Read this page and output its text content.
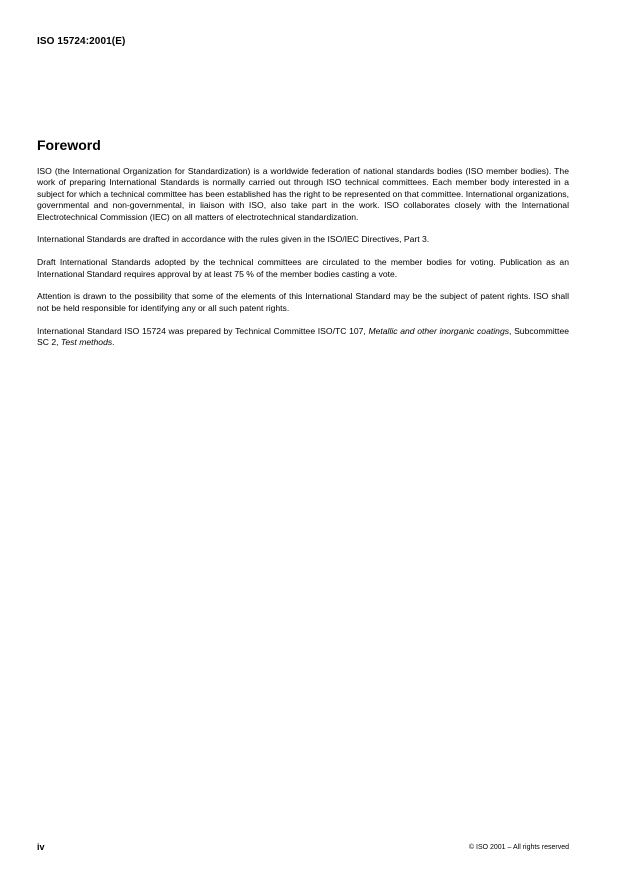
ISO 15724:2001(E)
Foreword

ISO (the International Organization for Standardization) is a worldwide federation of national standards bodies (ISO member bodies). The work of preparing International Standards is normally carried out through ISO technical committees. Each member body interested in a subject for which a technical committee has been established has the right to be represented on that committee. International organizations, governmental and non-governmental, in liaison with ISO, also take part in the work. ISO collaborates closely with the International Electrotechnical Commission (IEC) on all matters of electrotechnical standardization.

International Standards are drafted in accordance with the rules given in the ISO/IEC Directives, Part 3.

Draft International Standards adopted by the technical committees are circulated to the member bodies for voting. Publication as an International Standard requires approval by at least 75 % of the member bodies casting a vote.

Attention is drawn to the possibility that some of the elements of this International Standard may be the subject of patent rights. ISO shall not be held responsible for identifying any or all such patent rights.

International Standard ISO 15724 was prepared by Technical Committee ISO/TC 107, Metallic and other inorganic coatings, Subcommittee SC 2, Test methods.

iv	© ISO 2001 – All rights reserved
